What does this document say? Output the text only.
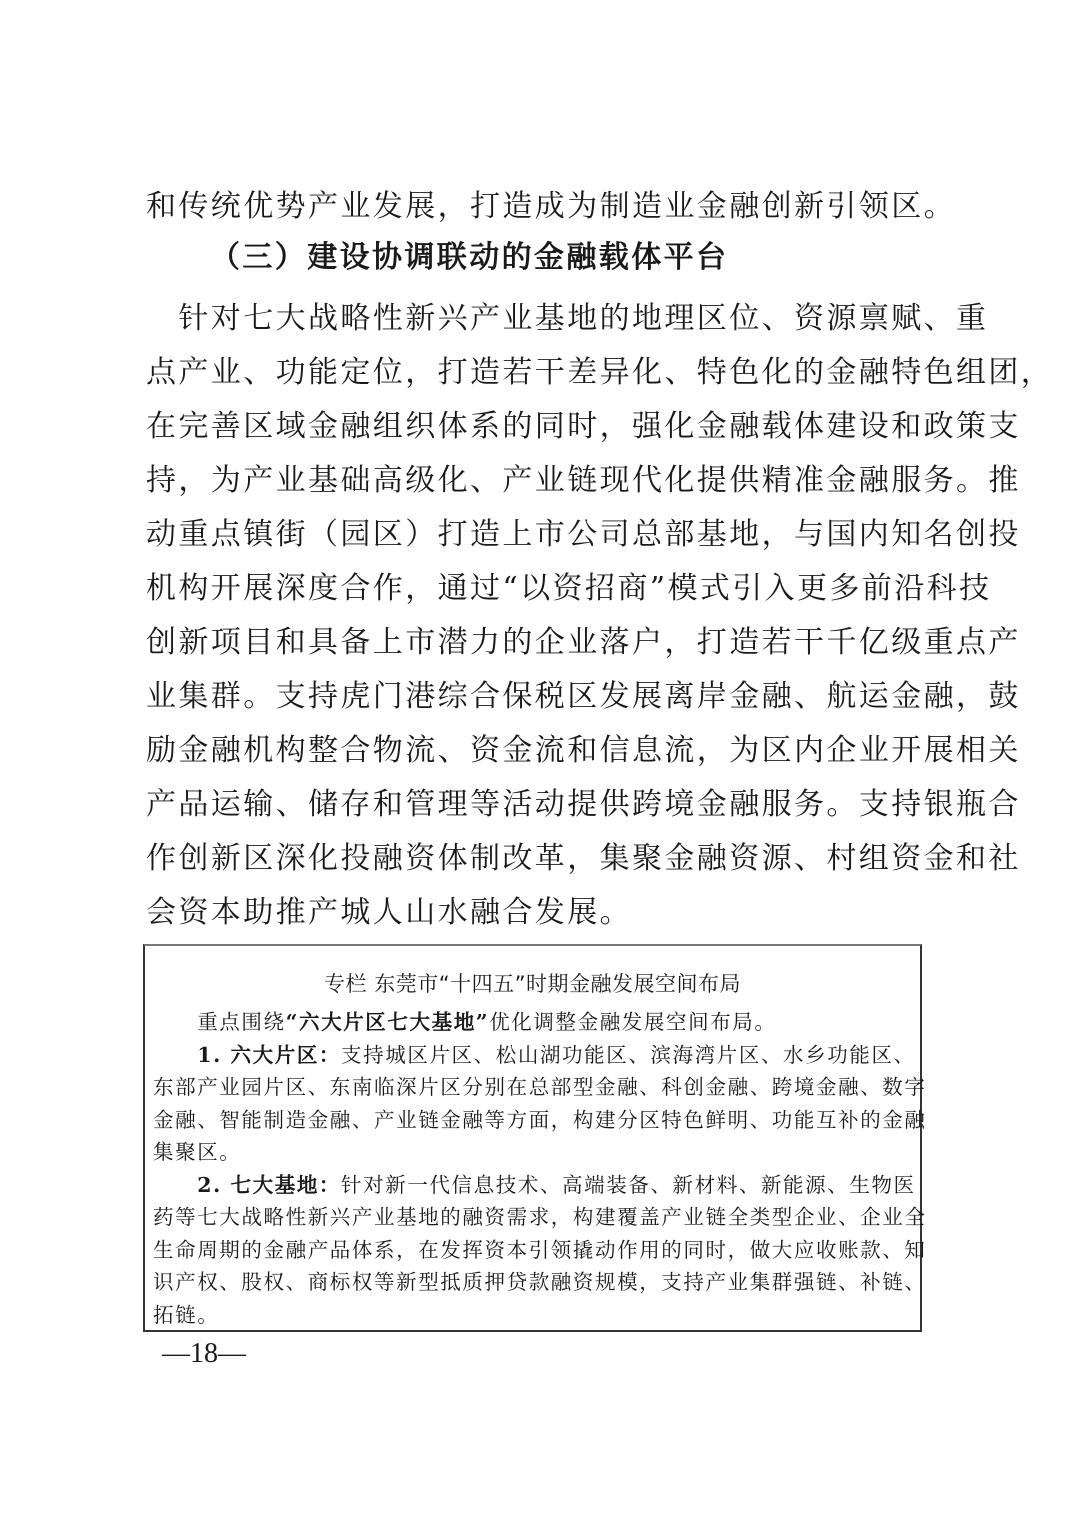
和传统优势产业发展，打造成为制造业金融创新引领区。
（三）建设协调联动的金融载体平台
　针对七大战略性新兴产业基地的地理区位、资源禀赋、重
点产业、功能定位，打造若干差异化、特色化的金融特色组团，
在完善区域金融组织体系的同时，强化金融载体建设和政策支
持，为产业基础高级化、产业链现代化提供精准金融服务。推
动重点镇街（园区）打造上市公司总部基地，与国内知名创投
机构开展深度合作，通过“以资招商”模式引入更多前沿科技
创新项目和具备上市潜力的企业落户，打造若干千亿级重点产
业集群。支持虎门港综合保税区发展离岸金融、航运金融，鼓
励金融机构整合物流、资金流和信息流，为区内企业开展相关
产品运输、储存和管理等活动提供跨境金融服务。支持银瓶合
作创新区深化投融资体制改革，集聚金融资源、村组资金和社
会资本助推产城人山水融合发展。
专栏 东莞市“十四五”时期金融发展空间布局
　　重点围绕“六大片区七大基地”优化调整金融发展空间布局。
　　1. 六大片区：支持城区片区、松山湖功能区、滨海湾片区、水乡功能区、
东部产业园片区、东南临深片区分别在总部型金融、科创金融、跨境金融、数字
金融、智能制造金融、产业链金融等方面，构建分区特色鲜明、功能互补的金融
集聚区。
　　2. 七大基地：针对新一代信息技术、高端装备、新材料、新能源、生物医
药等七大战略性新兴产业基地的融资需求，构建覆盖产业链全类型企业、企业全
生命周期的金融产品体系，在发挥资本引领撬动作用的同时，做大应收账款、知
识产权、股权、商标权等新型抵质押贷款融资规模，支持产业集群强链、补链、
拓链。
—18—
